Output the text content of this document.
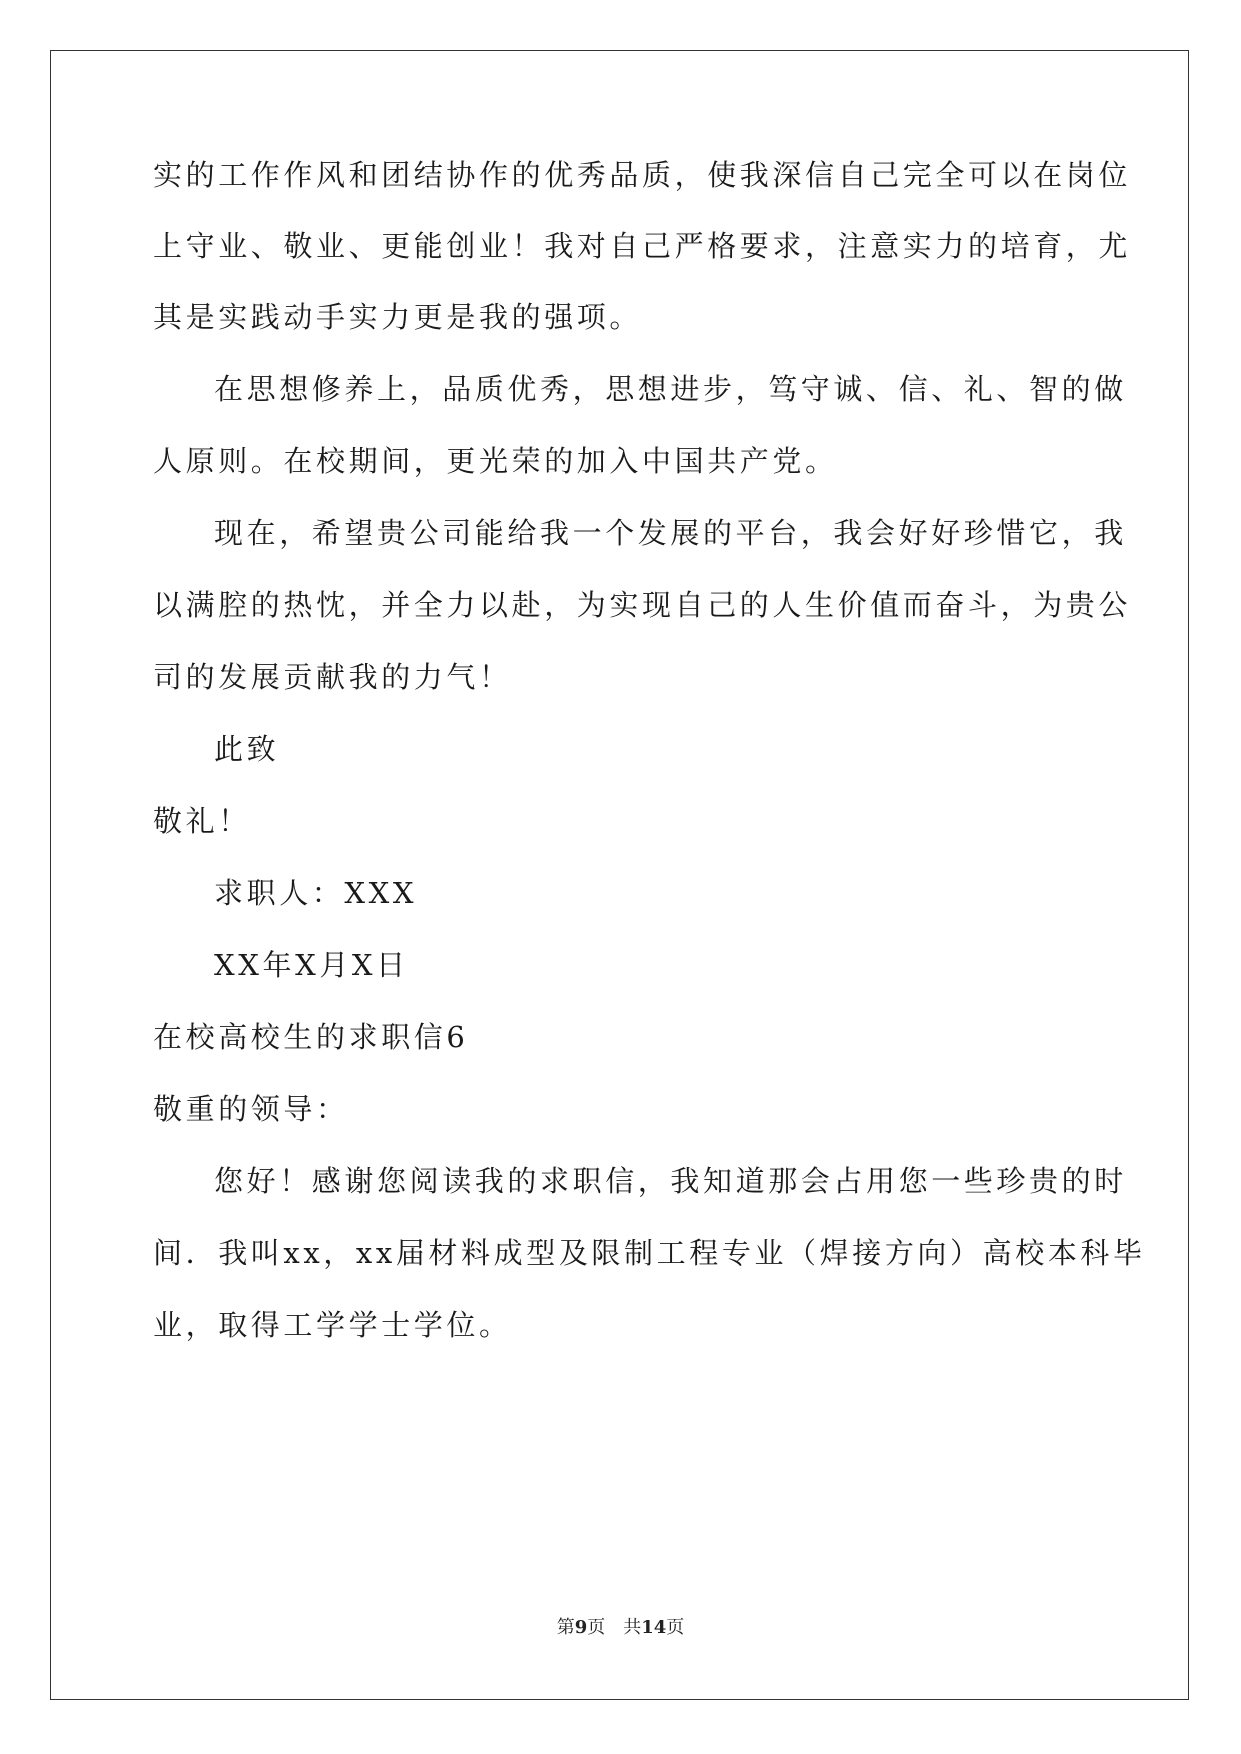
实的工作作风和团结协作的优秀品质，使我深信自己完全可以在岗位
上守业、敬业、更能创业！我对自己严格要求，注意实力的培育，尤
其是实践动手实力更是我的强项。
在思想修养上，品质优秀，思想进步，笃守诚、信、礼、智的做
人原则。在校期间，更光荣的加入中国共产党。
现在，希望贵公司能给我一个发展的平台，我会好好珍惜它，我
以满腔的热忱，并全力以赴，为实现自己的人生价值而奋斗，为贵公
司的发展贡献我的力气！
此致
敬礼！
求职人：XXX
XX年X月X日
在校高校生的求职信6
敬重的领导：
您好！感谢您阅读我的求职信，我知道那会占用您一些珍贵的时
间．我叫xx，xx届材料成型及限制工程专业（焊接方向）高校本科毕
业，取得工学学士学位。
第9页　共14页
